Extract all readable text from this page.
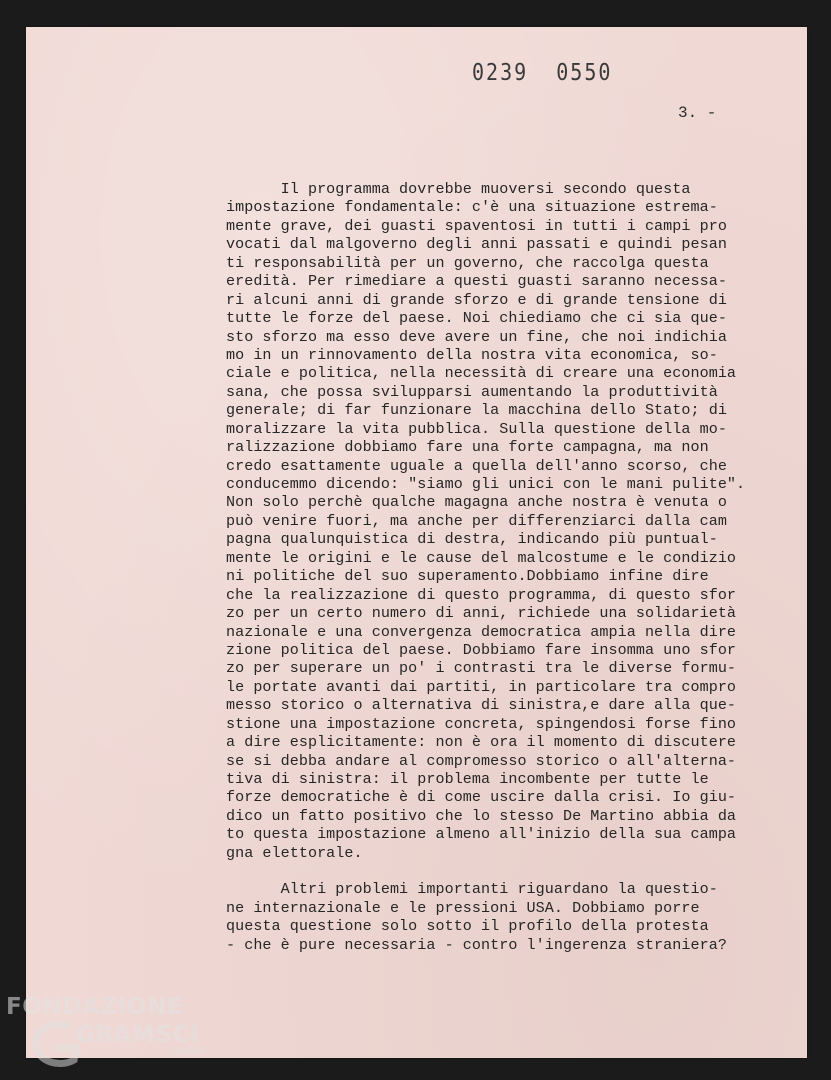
0239  0550
3. -
Il programma dovrebbe muoversi secondo questa
impostazione fondamentale: c'è una situazione estrema-
mente grave, dei guasti spaventosi in tutti i campi pro
vocati dal malgoverno degli anni passati e quindi pesan
ti responsabilità per un governo, che raccolga questa
eredità. Per rimediare a questi guasti saranno necessa-
ri alcuni anni di grande sforzo e di grande tensione di
tutte le forze del paese. Noi chiediamo che ci sia que-
sto sforzo ma esso deve avere un fine, che noi indichia
mo in un rinnovamento della nostra vita economica, so-
ciale e politica, nella necessità di creare una economia
sana, che possa svilupparsi aumentando la produttività
generale; di far funzionare la macchina dello Stato; di
moralizzare la vita pubblica. Sulla questione della mo-
ralizzazione dobbiamo fare una forte campagna, ma non
credo esattamente uguale a quella dell'anno scorso, che
conducemmo dicendo: "siamo gli unici con le mani pulite".
Non solo perchè qualche magagna anche nostra è venuta o
può venire fuori, ma anche per differenziarci dalla cam
pagna qualunquistica di destra, indicando più puntual-
mente le origini e le cause del malcostume e le condizio
ni politiche del suo superamento.Dobbiamo infine dire
che la realizzazione di questo programma, di questo sfor
zo per un certo numero di anni, richiede una solidarietà
nazionale e una convergenza democratica ampia nella dire
zione politica del paese. Dobbiamo fare insomma uno sfor
zo per superare un po' i contrasti tra le diverse formu-
le portate avanti dai partiti, in particolare tra compro
messo storico o alternativa di sinistra,e dare alla que-
stione una impostazione concreta, spingendosi forse fino
a dire esplicitamente: non è ora il momento di discutere
se si debba andare al compromesso storico o all'alterna-
tiva di sinistra: il problema incombente per tutte le
forze democratiche è di come uscire dalla crisi. Io giu-
dico un fatto positivo che lo stesso De Martino abbia da
to questa impostazione almeno all'inizio della sua campa
gna elettorale.
Altri problemi importanti riguardano la questio-
ne internazionale e le pressioni USA. Dobbiamo porre
questa questione solo sotto il profilo della protesta
- che è pure necessaria - contro l'ingerenza straniera?
FONDAZIONE
GRAMSCI
onlus
